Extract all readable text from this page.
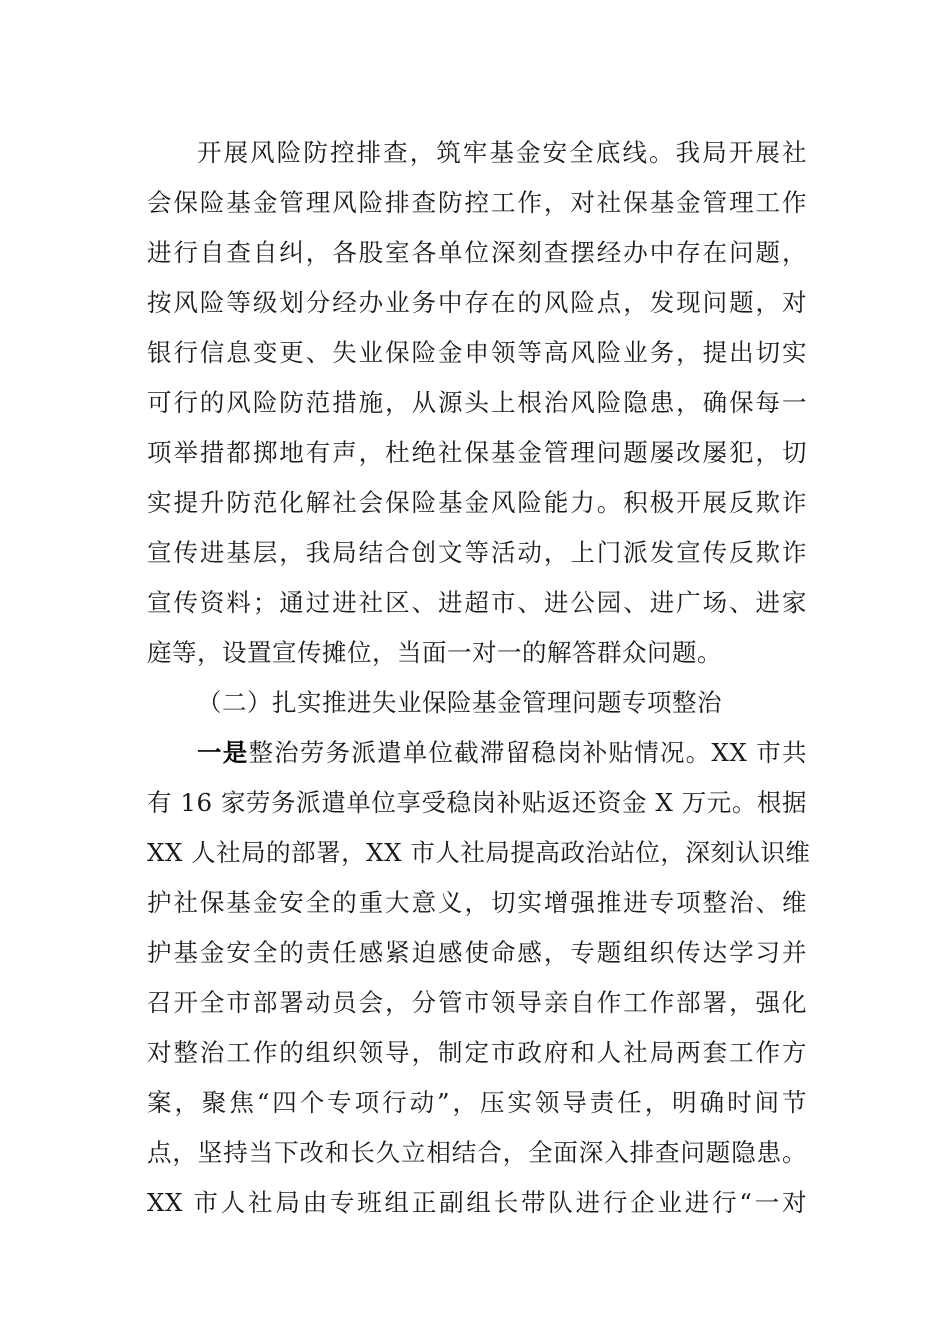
开展风险防控排查，筑牢基金安全底线。我局开展社
会保险基金管理风险排查防控工作，对社保基金管理工作
进行自查自纠，各股室各单位深刻查摆经办中存在问题，
按风险等级划分经办业务中存在的风险点，发现问题，对
银行信息变更、失业保险金申领等高风险业务，提出切实
可行的风险防范措施，从源头上根治风险隐患，确保每一
项举措都掷地有声，杜绝社保基金管理问题屡改屡犯，切
实提升防范化解社会保险基金风险能力。积极开展反欺诈
宣传进基层，我局结合创文等活动，上门派发宣传反欺诈
宣传资料；通过进社区、进超市、进公园、进广场、进家
庭等，设置宣传摊位，当面一对一的解答群众问题。
（二）扎实推进失业保险基金管理问题专项整治
一是整治劳务派遣单位截滞留稳岗补贴情况。XX 市共
有 16 家劳务派遣单位享受稳岗补贴返还资金 X 万元。根据
XX 人社局的部署，XX 市人社局提高政治站位，深刻认识维
护社保基金安全的重大意义，切实增强推进专项整治、维
护基金安全的责任感紧迫感使命感，专题组织传达学习并
召开全市部署动员会，分管市领导亲自作工作部署，强化
对整治工作的组织领导，制定市政府和人社局两套工作方
案，聚焦“四个专项行动”，压实领导责任，明确时间节
点，坚持当下改和长久立相结合，全面深入排查问题隐患。
XX 市人社局由专班组正副组长带队进行企业进行“一对
